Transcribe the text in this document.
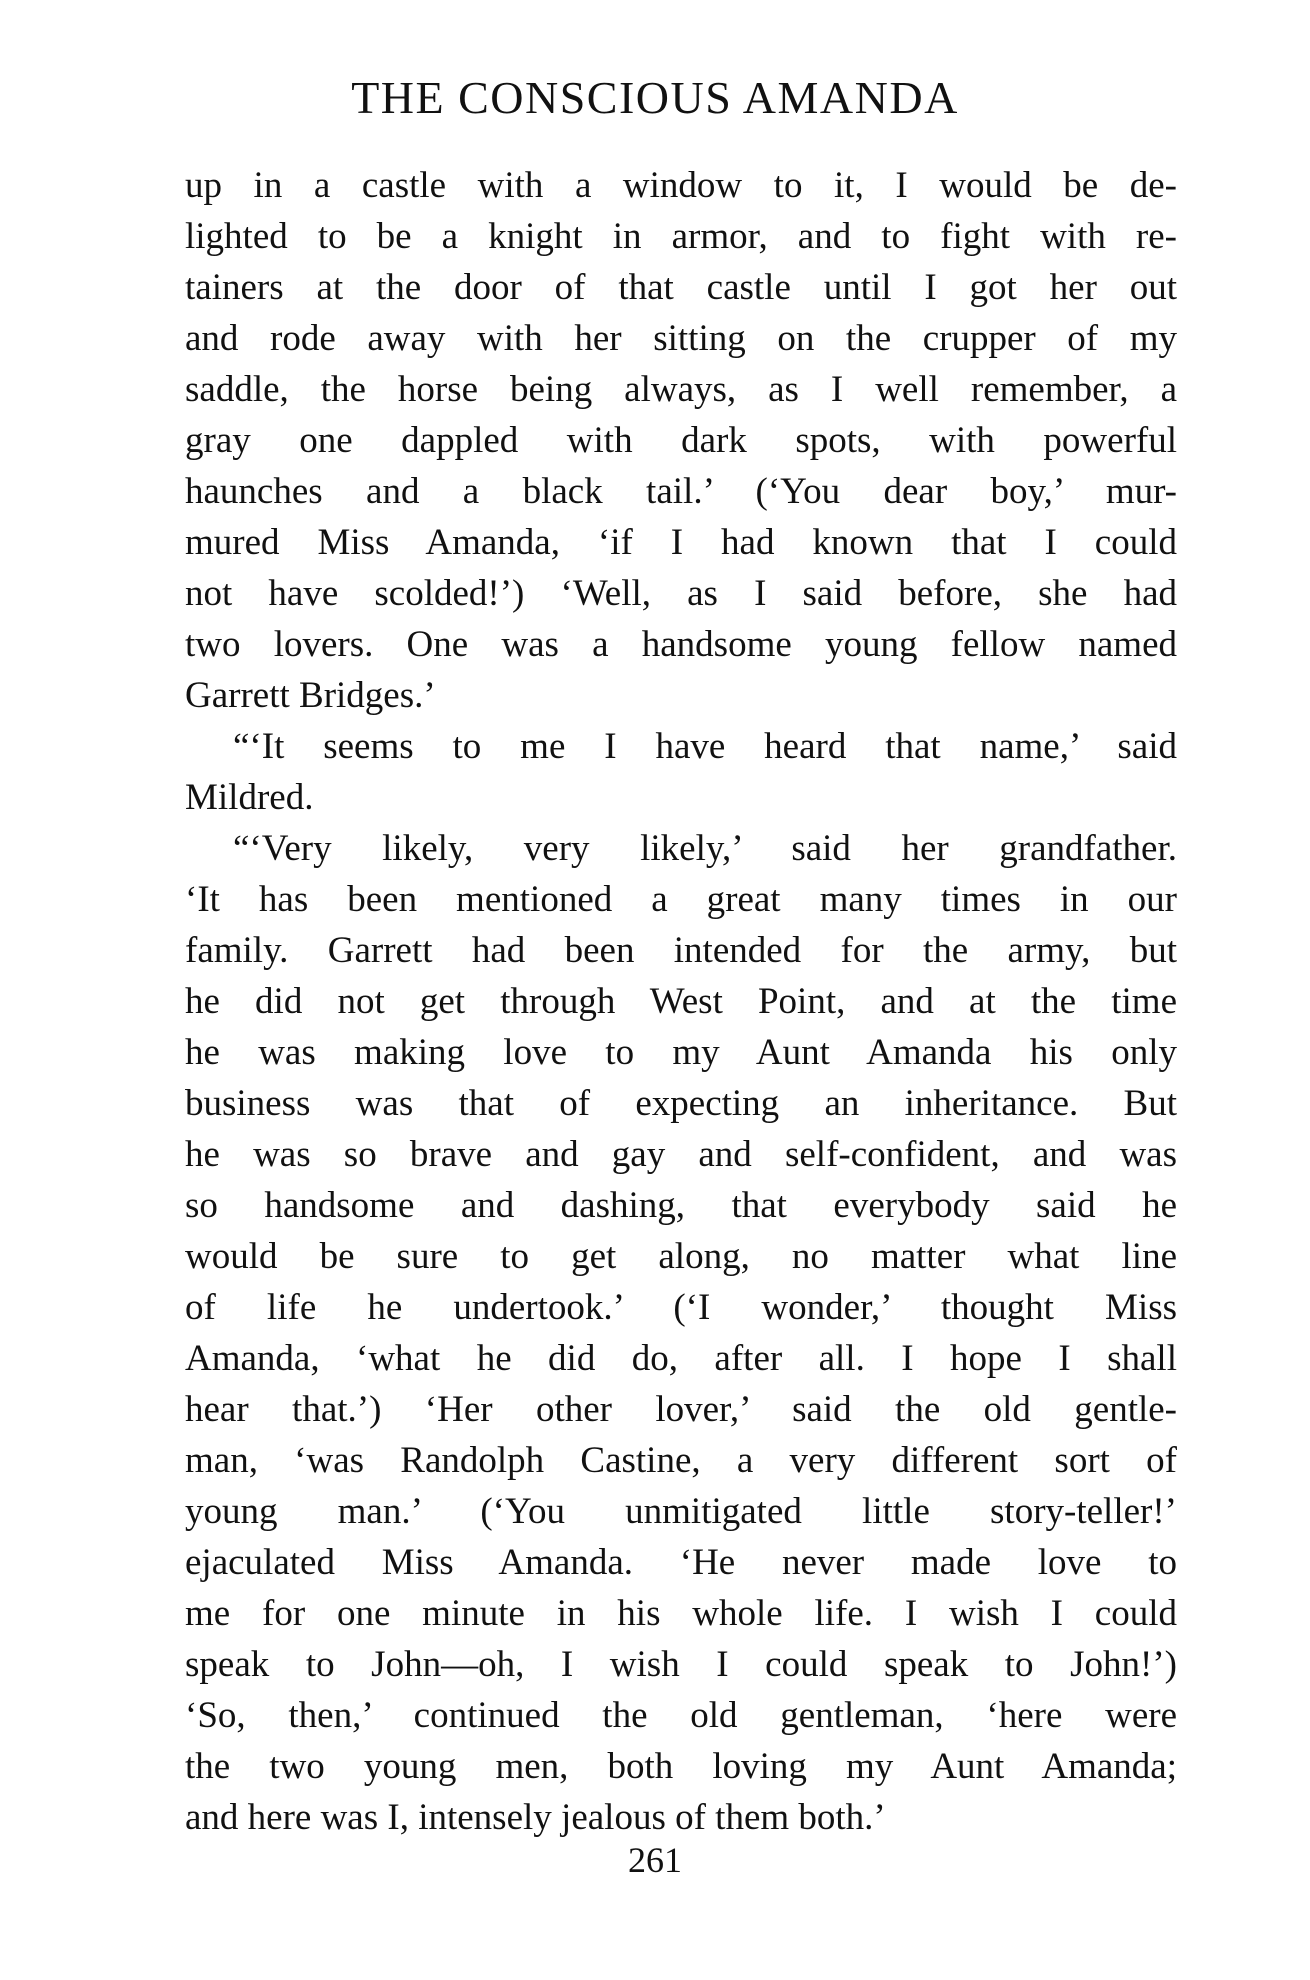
THE CONSCIOUS AMANDA
up in a castle with a window to it, I would be de-
lighted to be a knight in armor, and to fight with re-
tainers at the door of that castle until I got her out
and rode away with her sitting on the crupper of my
saddle, the horse being always, as I well remember, a
gray one dappled with dark spots, with powerful
haunches and a black tail.’ (‘You dear boy,’ mur-
mured Miss Amanda, ‘if I had known that I could
not have scolded!’) ‘Well, as I said before, she had
two lovers. One was a handsome young fellow named
Garrett Bridges.’
“‘It seems to me I have heard that name,’ said
Mildred.
“‘Very likely, very likely,’ said her grandfather.
‘It has been mentioned a great many times in our
family. Garrett had been intended for the army, but
he did not get through West Point, and at the time
he was making love to my Aunt Amanda his only
business was that of expecting an inheritance. But
he was so brave and gay and self-confident, and was
so handsome and dashing, that everybody said he
would be sure to get along, no matter what line
of life he undertook.’ (‘I wonder,’ thought Miss
Amanda, ‘what he did do, after all. I hope I shall
hear that.’) ‘Her other lover,’ said the old gentle-
man, ‘was Randolph Castine, a very different sort of
young man.’ (‘You unmitigated little story-teller!’
ejaculated Miss Amanda. ‘He never made love to
me for one minute in his whole life. I wish I could
speak to John—oh, I wish I could speak to John!’)
‘So, then,’ continued the old gentleman, ‘here were
the two young men, both loving my Aunt Amanda;
and here was I, intensely jealous of them both.’
261
